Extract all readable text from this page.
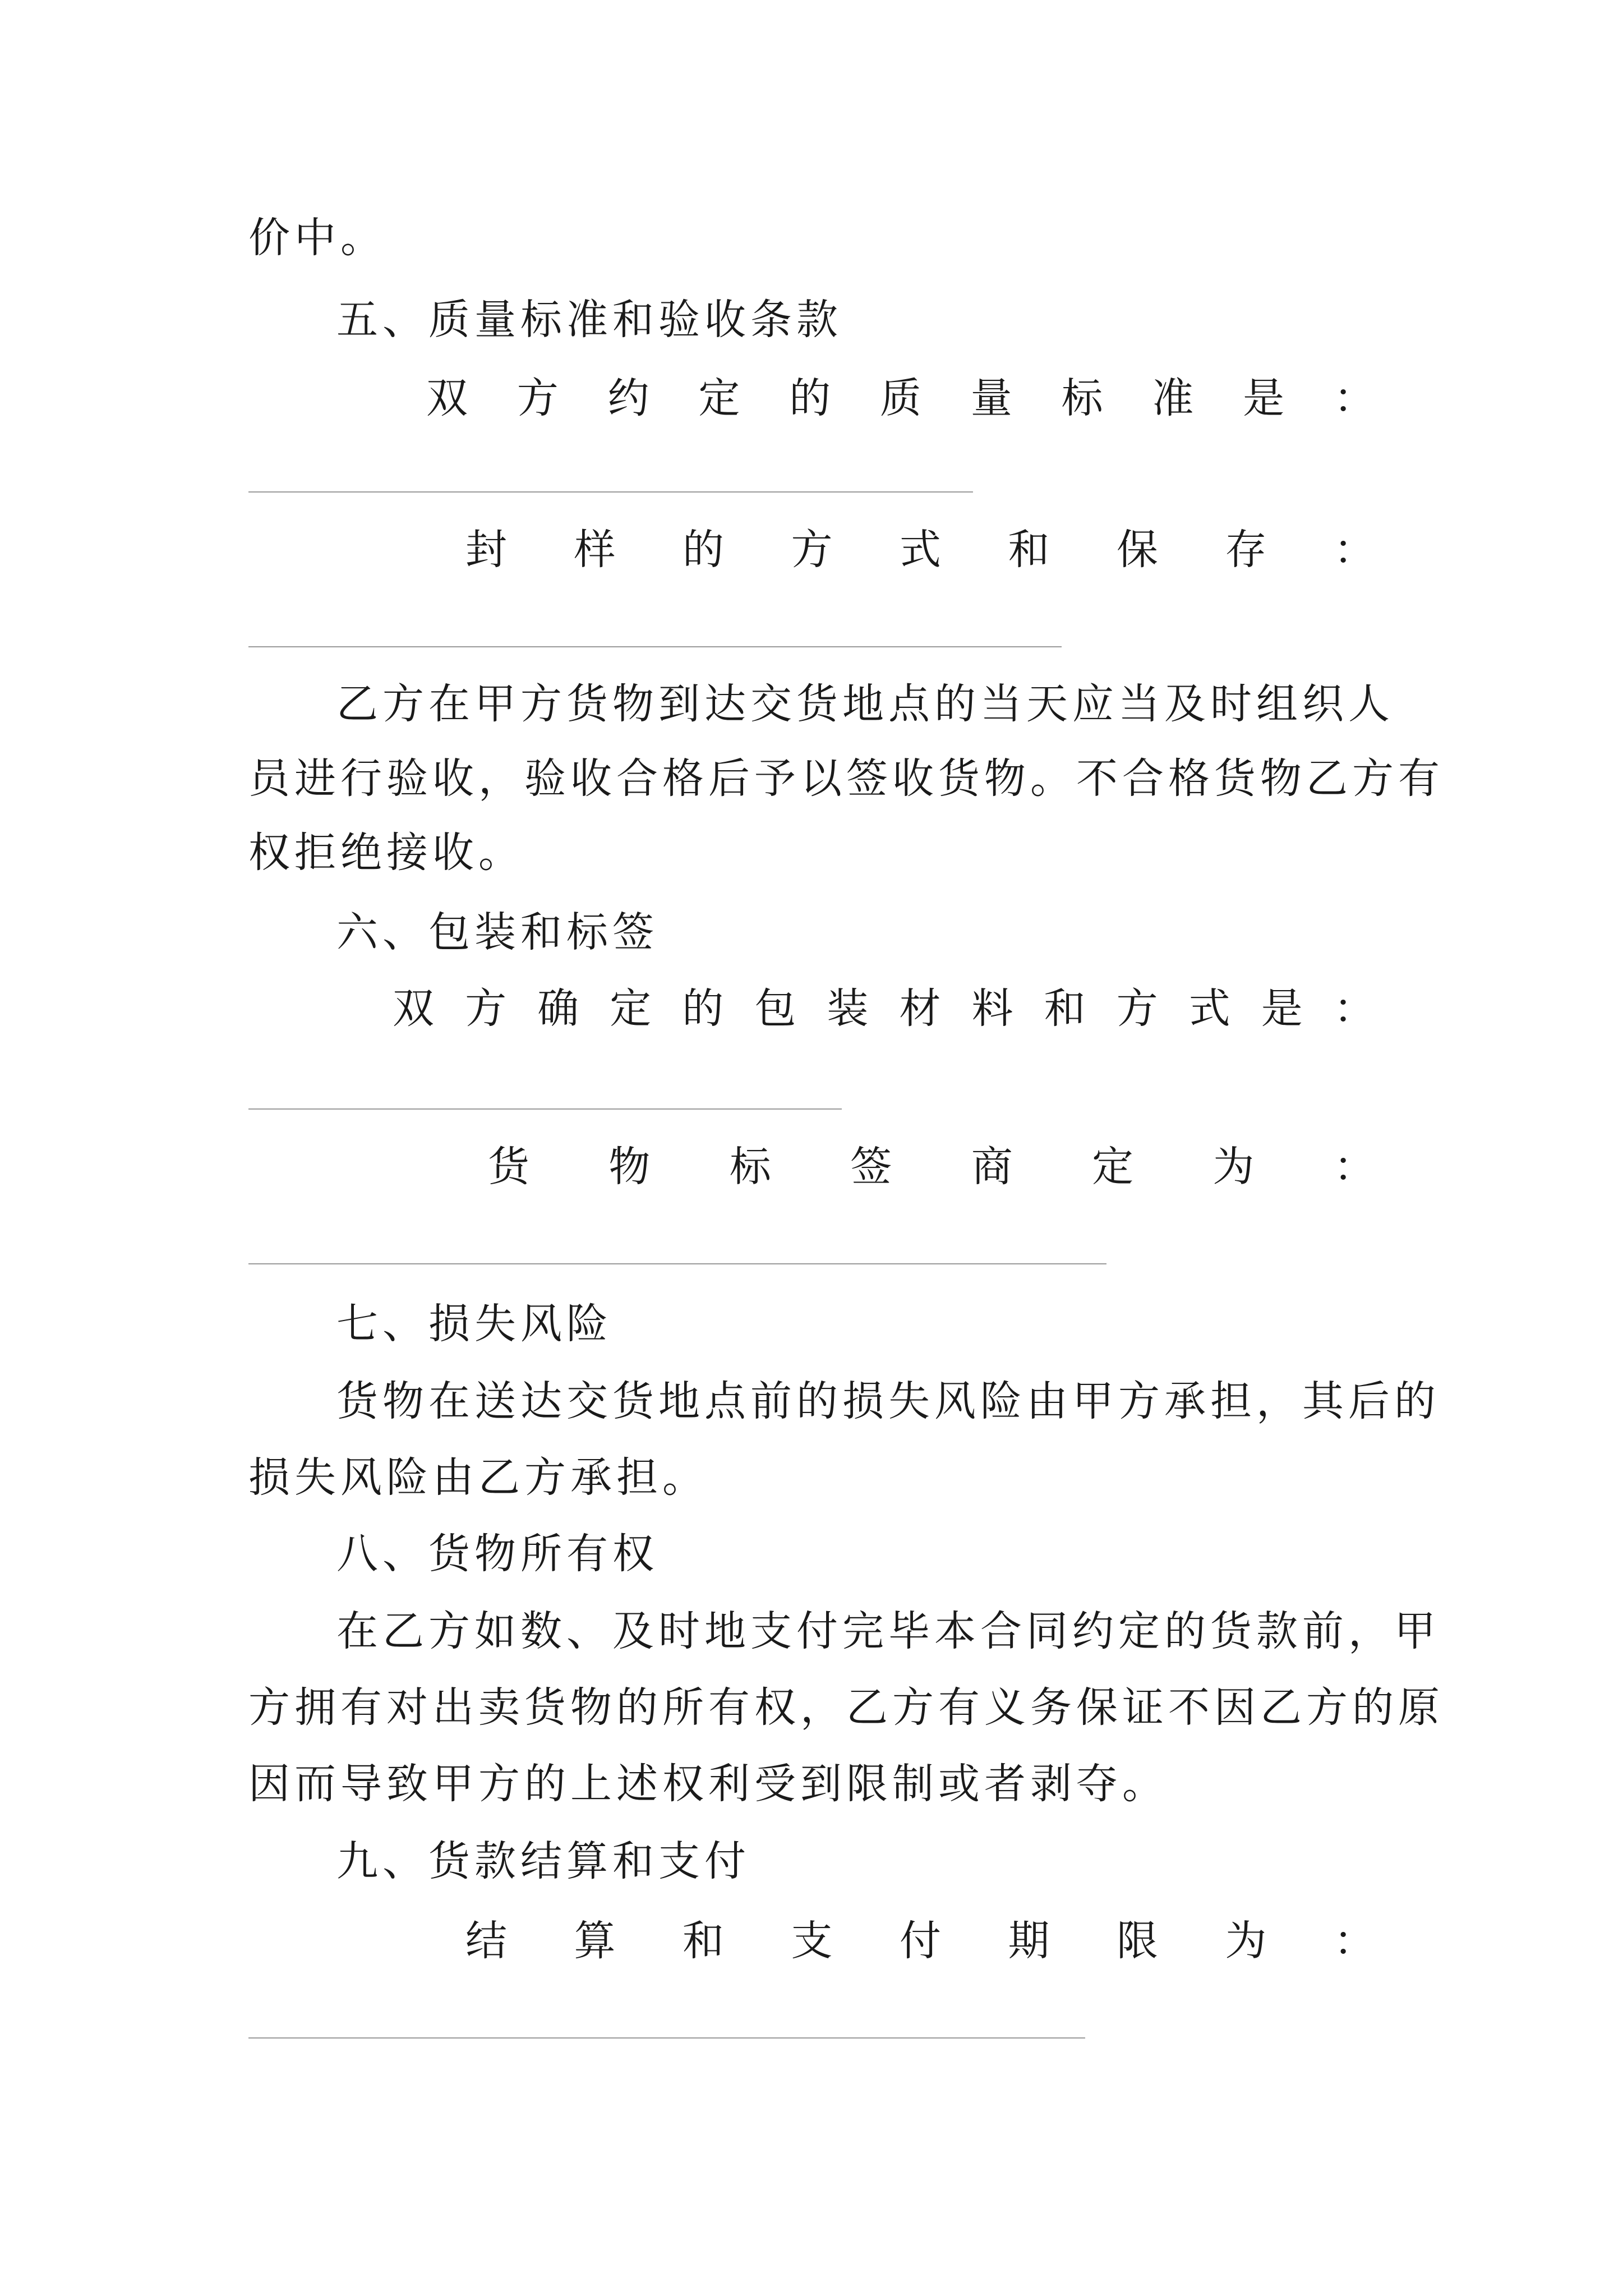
价中。
五、质量标准和验收条款
双 方 约 定 的 质 量 标 准 是 ：
封 样 的 方 式 和 保 存 ：
乙方在甲方货物到达交货地点的当天应当及时组织人
员进行验收，验收合格后予以签收货物。不合格货物乙方有
权拒绝接收。
六、包装和标签
双 方 确 定 的 包 装 材 料 和 方 式 是 ：
货 物 标 签 商 定 为 ：
七、损失风险
货物在送达交货地点前的损失风险由甲方承担，其后的
损失风险由乙方承担。
八、货物所有权
在乙方如数、及时地支付完毕本合同约定的货款前，甲
方拥有对出卖货物的所有权，乙方有义务保证不因乙方的原
因而导致甲方的上述权利受到限制或者剥夺。
九、货款结算和支付
结 算 和 支 付 期 限 为 ：
